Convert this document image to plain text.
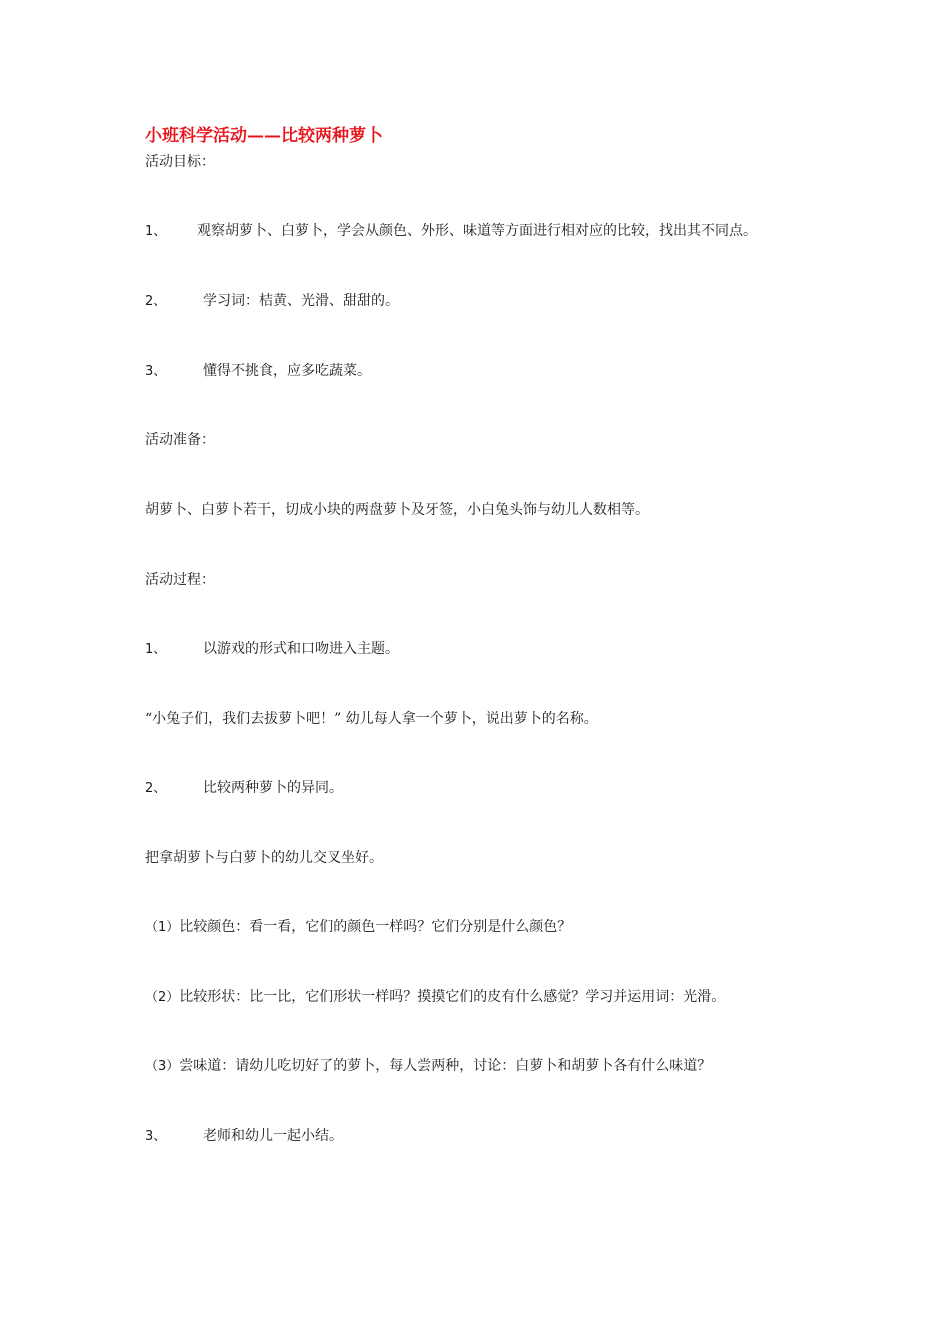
小班科学活动——比较两种萝卜
活动目标：
1、 观察胡萝卜、白萝卜，学会从颜色、外形、味道等方面进行相对应的比较，找出其不同点。
2、	学习词：桔黄、光滑、甜甜的。
3、	懂得不挑食，应多吃蔬菜。
活动准备：
胡萝卜、白萝卜若干，切成小块的两盘萝卜及牙签，小白兔头饰与幼儿人数相等。
活动过程：
1、	以游戏的形式和口吻进入主题。
“小兔子们，我们去拔萝卜吧！” 幼儿每人拿一个萝卜，说出萝卜的名称。
2、	比较两种萝卜的异同。
把拿胡萝卜与白萝卜的幼儿交叉坐好。
（1）比较颜色：看一看，它们的颜色一样吗？它们分别是什么颜色？
（2）比较形状：比一比，它们形状一样吗？摸摸它们的皮有什么感觉？学习并运用词：光滑。
（3）尝味道：请幼儿吃切好了的萝卜，每人尝两种，讨论：白萝卜和胡萝卜各有什么味道？
3、	老师和幼儿一起小结。
